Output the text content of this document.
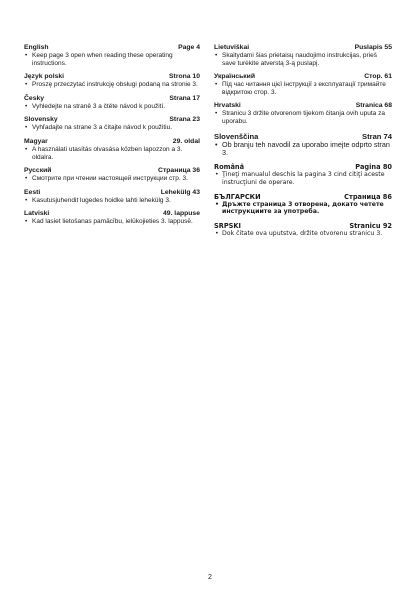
English	Page 4
• Keep page 3 open when reading these operating instructions.
Język polski	Strona 10
• Proszę przeczytać instrukcję obsługi podaną na stronie 3.
Česky	Strana 17
• Vyhledejte na straně 3 a čtěte návod k použití.
Slovensky	Strana 23
• Vyhľadajte na strane 3 a čítajte návod k použitiu.
Magyar	29. oldal
• A használati utasítás olvasása közben lapozzon a 3. oldalra.
Русский	Страница 36
• Смотрите при чтении настоящей инструкции стр. 3.
Eesti	Lehekülg 43
• Kasutusjuhendit lugedes hoidke lahti lehekülg 3.
Latviski	49. lappuse
• Kad lasiet lietošanas pamācību, ielūkojieties 3. lappusē.
Lietuviškai	Puslapis 55
• Skaitydami šias prietaisų naudojimo instrukcijas, prieš save turėkite atverstą 3-ą puslapį.
Український	Стор. 61
• Під час читання цієї інструкції з експлуатації тримайте відкритою стор. 3.
Hrvatski	Stranica 68
• Stranicu 3 držite otvorenom tijekom čitanja ovih uputa za uporabu.
Slovenščina	Stran 74
• Ob branju teh navodil za uporabo imejte odprto stran 3.
Română	Pagina 80
• Ţineţi manualul deschis la pagina 3 cind citiţi aceste instrucţiuni de operare.
БЪЛГАРСКИ	Страница 86
• Дръжте страница 3 отворена, докато четете инструкциите за употреба.
SRPSKI	Stranicu 92
• Dok čitate ova uputstva, držite otvorenu stranicu 3.
2
